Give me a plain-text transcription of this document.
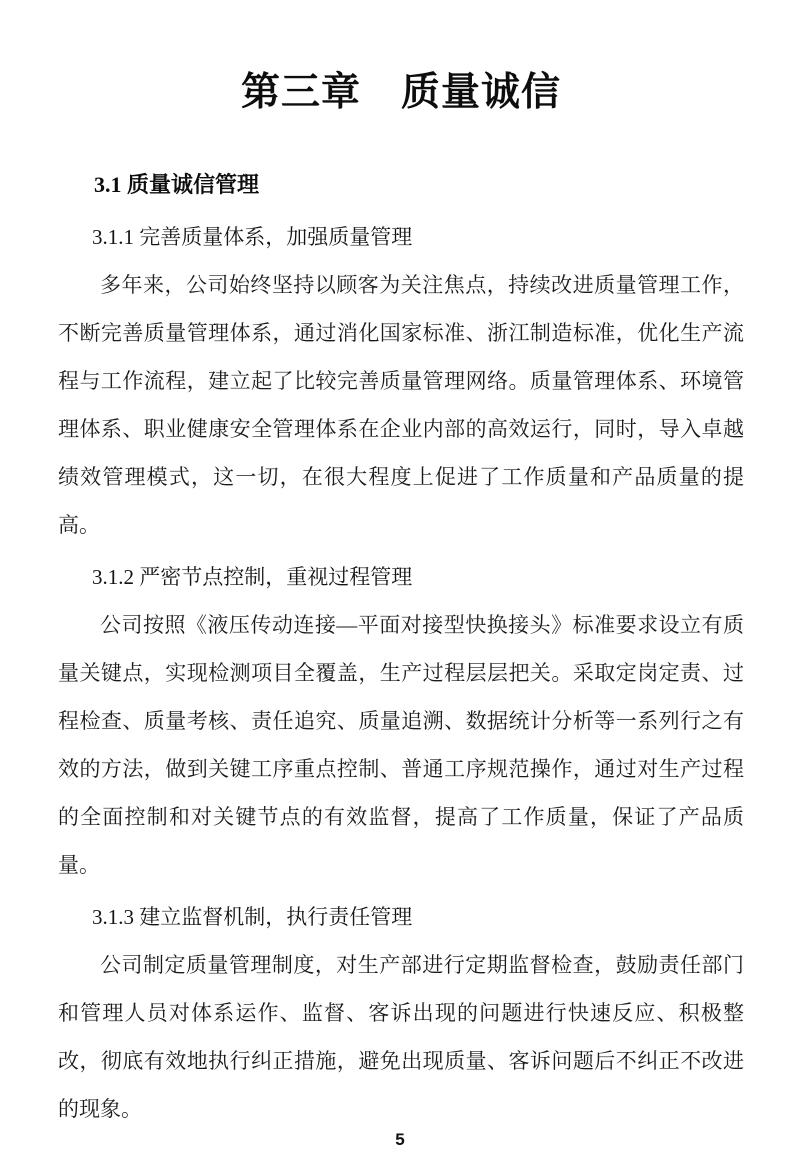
第三章　质量诚信
3.1 质量诚信管理
3.1.1 完善质量体系，加强质量管理

多年来，公司始终坚持以顾客为关注焦点，持续改进质量管理工作，不断完善质量管理体系，通过消化国家标准、浙江制造标准，优化生产流程与工作流程，建立起了比较完善质量管理网络。质量管理体系、环境管理体系、职业健康安全管理体系在企业内部的高效运行，同时，导入卓越绩效管理模式，这一切，在很大程度上促进了工作质量和产品质量的提高。

3.1.2 严密节点控制，重视过程管理

公司按照《液压传动连接—平面对接型快换接头》标准要求设立有质量关键点，实现检测项目全覆盖，生产过程层层把关。采取定岗定责、过程检查、质量考核、责任追究、质量追溯、数据统计分析等一系列行之有效的方法，做到关键工序重点控制、普通工序规范操作，通过对生产过程的全面控制和对关键节点的有效监督，提高了工作质量，保证了产品质量。

3.1.3 建立监督机制，执行责任管理

公司制定质量管理制度，对生产部进行定期监督检查，鼓励责任部门和管理人员对体系运作、监督、客诉出现的问题进行快速反应、积极整改，彻底有效地执行纠正措施，避免出现质量、客诉问题后不纠正不改进的现象。

5
